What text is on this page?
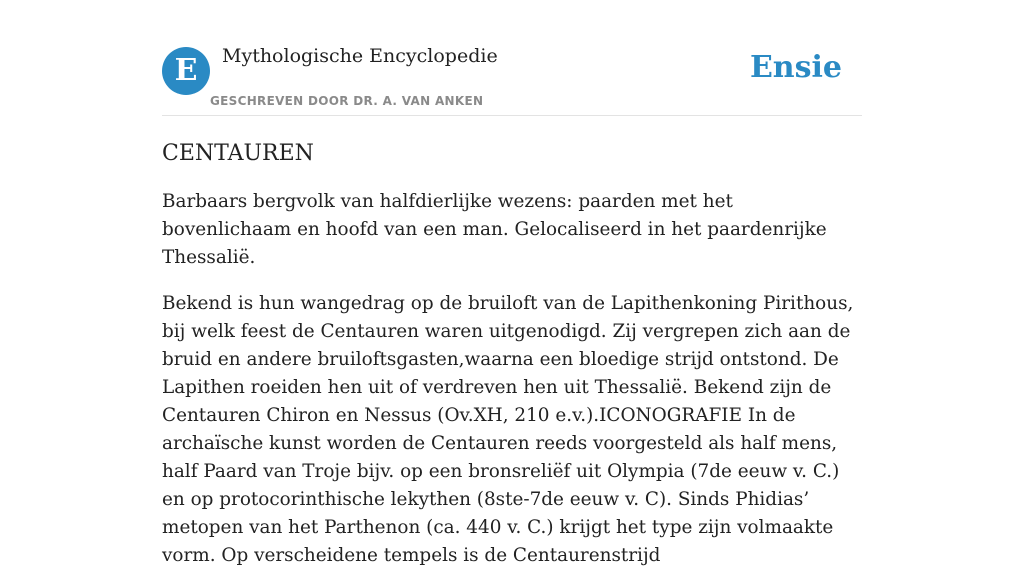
E	Mythologische Encyclopedie
GESCHREVEN DOOR DR. A. VAN ANKEN
Ensie
CENTAUREN

Barbaars bergvolk van halfdierlijke wezens: paarden met het bovenlichaam en hoofd van een man. Gelocaliseerd in het paardenrijke Thessalië.

Bekend is hun wangedrag op de bruiloft van de Lapithenkoning Pirithous, bij welk feest de Centauren waren uitgenodigd. Zij vergrepen zich aan de bruid en andere bruiloftsgasten,waarna een bloedige strijd ontstond. De Lapithen roeiden hen uit of verdreven hen uit Thessalië. Bekend zijn de Centauren Chiron en Nessus (Ov.XH, 210 e.v.).ICONOGRAFIE In de archaïsche kunst worden de Centauren reeds voorgesteld als half mens, half Paard van Troje bijv. op een bronsreliëf uit Olympia (7de eeuw v. C.) en op protocorinthische lekythen (8ste-7de eeuw v. C). Sinds Phidias’ metopen van het Parthenon (ca. 440 v. C.) krijgt het type zijn volmaakte vorm. Op verscheidene tempels is de Centaurenstrijd
